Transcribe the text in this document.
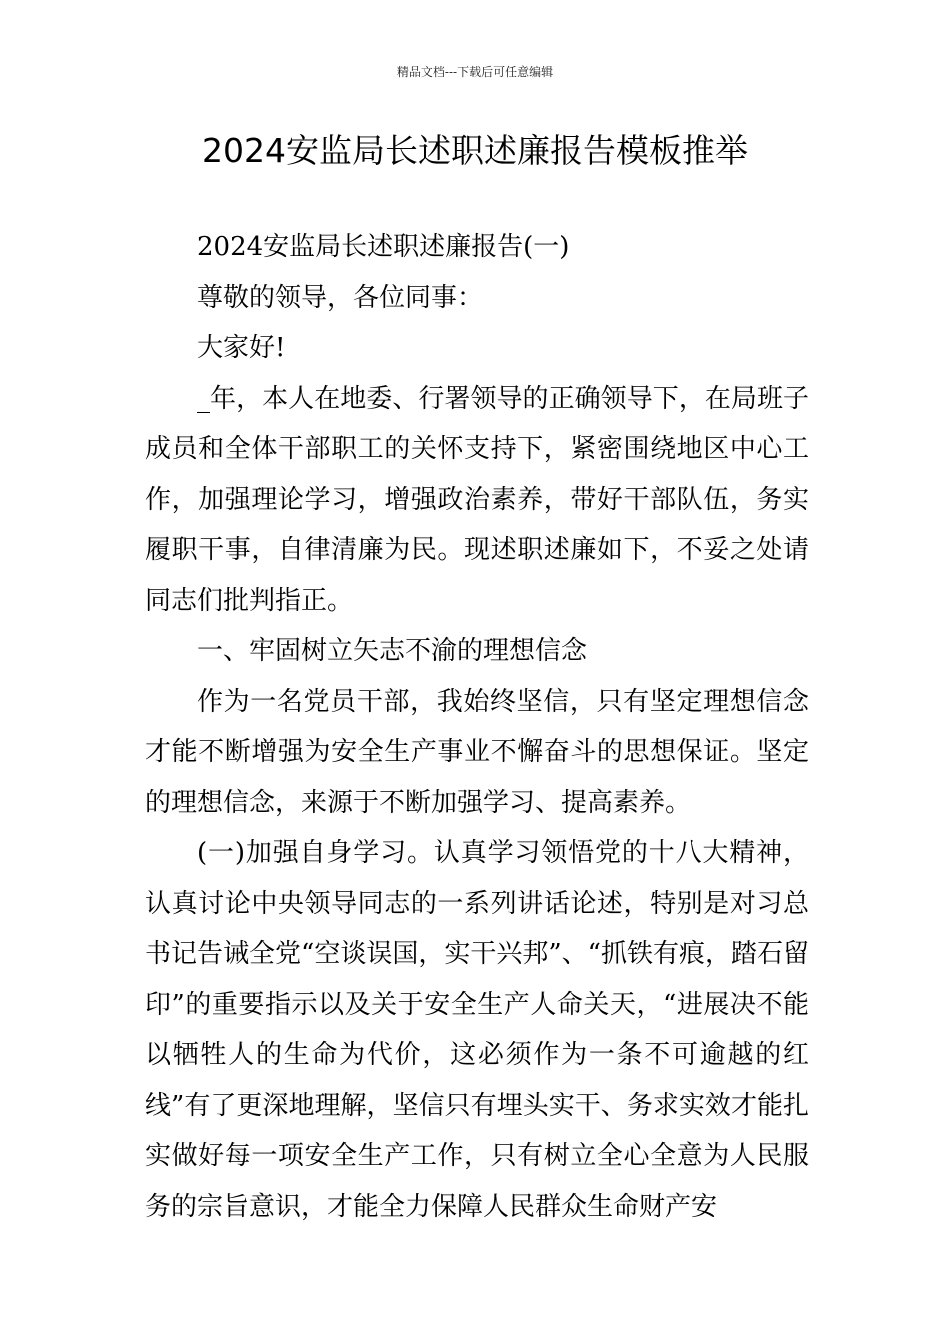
精品文档---下载后可任意编辑
2024安监局长述职述廉报告模板推举

2024安监局长述职述廉报告(一)

尊敬的领导，各位同事：

大家好!

_年，本人在地委、行署领导的正确领导下，在局班子成员和全体干部职工的关怀支持下，紧密围绕地区中心工作，加强理论学习，增强政治素养，带好干部队伍，务实履职干事，自律清廉为民。现述职述廉如下，不妥之处请同志们批判指正。

一、牢固树立矢志不渝的理想信念

作为一名党员干部，我始终坚信，只有坚定理想信念才能不断增强为安全生产事业不懈奋斗的思想保证。坚定的理想信念，来源于不断加强学习、提高素养。

(一)加强自身学习。认真学习领悟党的十八大精神，认真讨论中央领导同志的一系列讲话论述，特别是对习总书记告诫全党“空谈误国，实干兴邦”、“抓铁有痕，踏石留印”的重要指示以及关于安全生产人命关天，“进展决不能以牺牲人的生命为代价，这必须作为一条不可逾越的红线”有了更深地理解，坚信只有埋头实干、务求实效才能扎实做好每一项安全生产工作，只有树立全心全意为人民服务的宗旨意识，才能全力保障人民群众生命财产安
